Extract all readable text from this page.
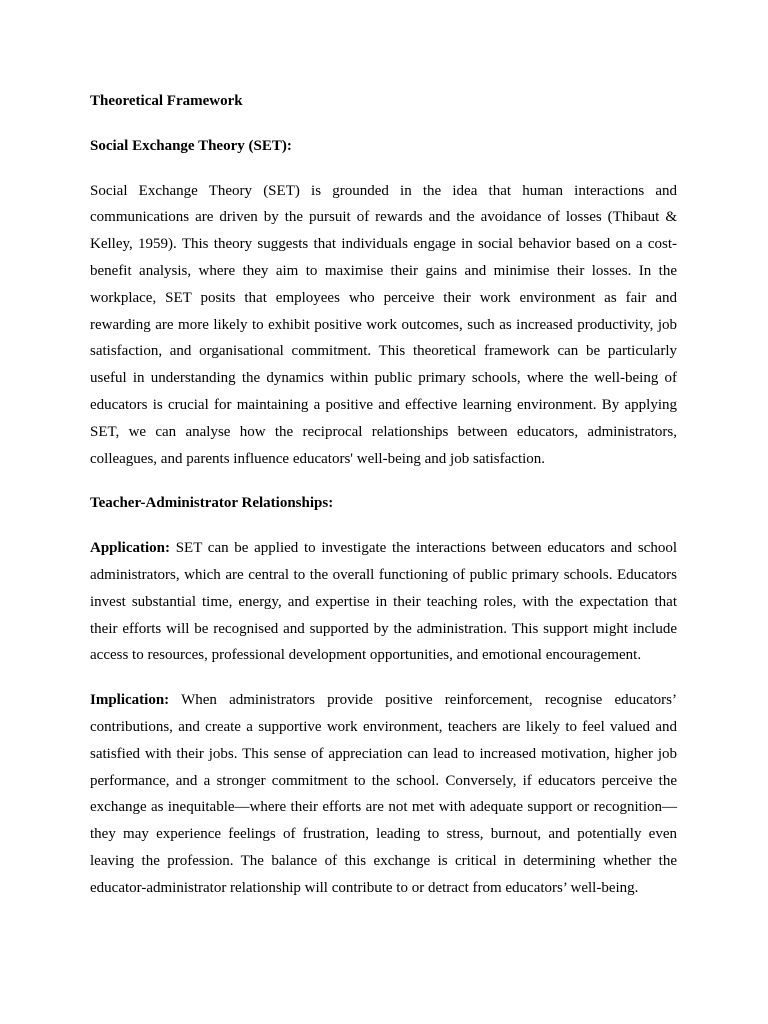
Theoretical Framework
Social Exchange Theory (SET):

Social Exchange Theory (SET) is grounded in the idea that human interactions and communications are driven by the pursuit of rewards and the avoidance of losses (Thibaut & Kelley, 1959). This theory suggests that individuals engage in social behavior based on a cost-benefit analysis, where they aim to maximise their gains and minimise their losses. In the workplace, SET posits that employees who perceive their work environment as fair and rewarding are more likely to exhibit positive work outcomes, such as increased productivity, job satisfaction, and organisational commitment. This theoretical framework can be particularly useful in understanding the dynamics within public primary schools, where the well-being of educators is crucial for maintaining a positive and effective learning environment. By applying SET, we can analyse how the reciprocal relationships between educators, administrators, colleagues, and parents influence educators' well-being and job satisfaction.

Teacher-Administrator Relationships:

Application: SET can be applied to investigate the interactions between educators and school administrators, which are central to the overall functioning of public primary schools. Educators invest substantial time, energy, and expertise in their teaching roles, with the expectation that their efforts will be recognised and supported by the administration. This support might include access to resources, professional development opportunities, and emotional encouragement.

Implication: When administrators provide positive reinforcement, recognise educators’ contributions, and create a supportive work environment, teachers are likely to feel valued and satisfied with their jobs. This sense of appreciation can lead to increased motivation, higher job performance, and a stronger commitment to the school. Conversely, if educators perceive the exchange as inequitable—where their efforts are not met with adequate support or recognition—they may experience feelings of frustration, leading to stress, burnout, and potentially even leaving the profession. The balance of this exchange is critical in determining whether the educator-administrator relationship will contribute to or detract from educators’ well-being.
